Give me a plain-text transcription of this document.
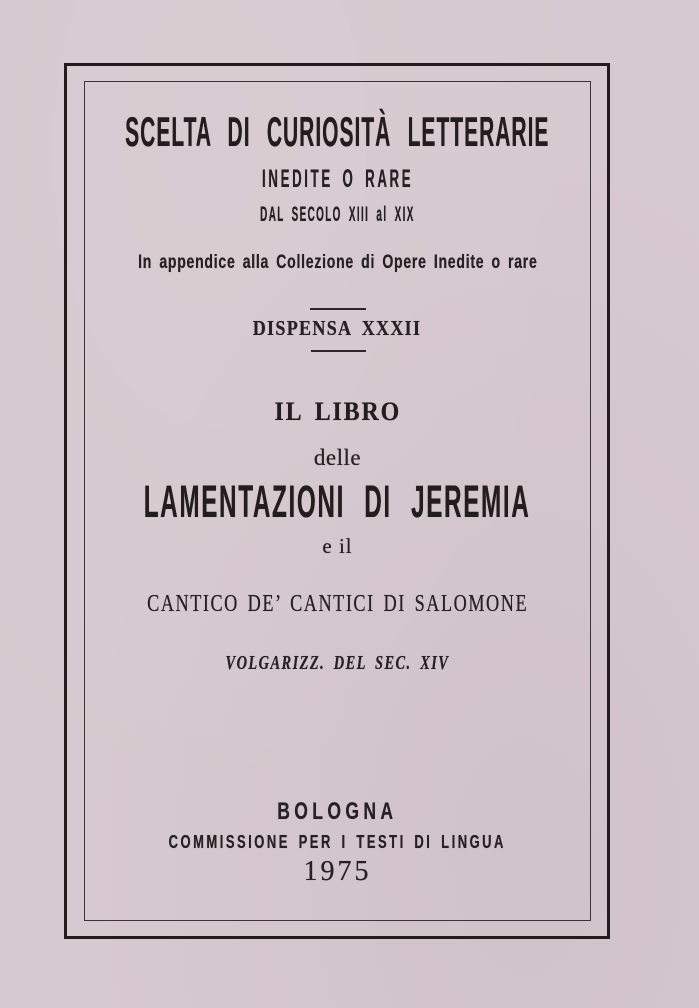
SCELTA DI CURIOSITÀ LETTERARIE
INEDITE O RARE
DAL SECOLO XIII al XIX
In appendice alla Collezione di Opere Inedite o rare
DISPENSA XXXII
IL LIBRO
delle
LAMENTAZIONI DI JEREMIA
e il
CANTICO DE’ CANTICI DI SALOMONE
VOLGARIZZ. DEL SEC. XIV
BOLOGNA
COMMISSIONE PER I TESTI DI LINGUA
1975
